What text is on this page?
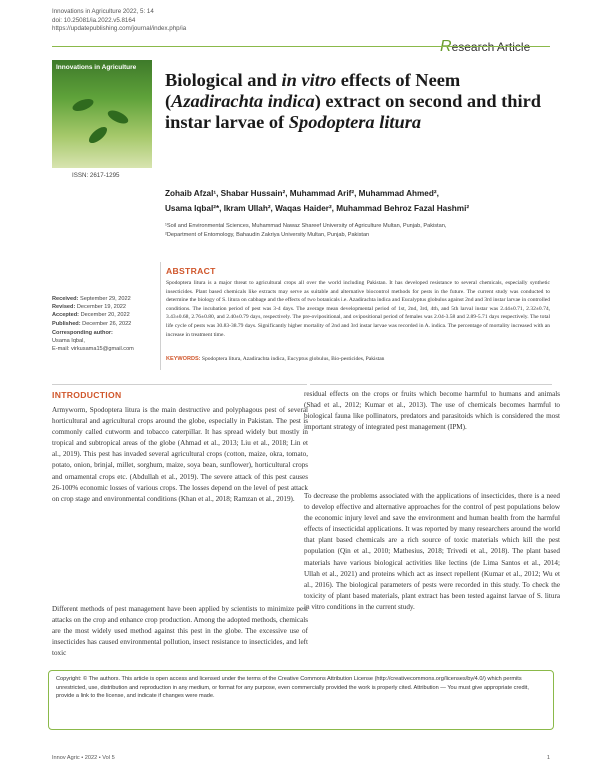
Innovations in Agriculture 2022, 5: 14
doi: 10.25081/ia.2022.v5.8164
https://updatepublishing.com/journal/index.php/ia
Research Article
Innovations in Agriculture
ISSN: 2617-1295
Biological and in vitro effects of Neem (Azadirachta indica) extract on second and third instar larvae of Spodoptera litura
Zohaib Afzal¹, Shabar Hussain², Muhammad Arif², Muhammad Ahmed²,
Usama Iqbal²*, Ikram Ullah², Waqas Haider², Muhammad Behroz Fazal Hashmi²
¹Soil and Environmental Sciences, Muhammad Nawaz Shareef University of Agriculture Multan, Punjab, Pakistan,
²Department of Entomology, Bahaudin Zakriya University Multan, Punjab, Pakistan
Received: September 29, 2022
Revised: December 19, 2022
Accepted: December 20, 2022
Published: December 26, 2022
Corresponding author:
Usama Iqbal,
E-mail: virkusama15@gmail.com
ABSTRACT
Spodoptera litura is a major threat to agricultural crops all over the world including Pakistan. It has developed resistance to several chemicals, especially synthetic insecticides. Plant based chemicals like extracts may serve as suitable and alternative biocontrol methods for pests in the future. The current study was conducted to determine the biology of S. litura on cabbage and the effects of two botanicals i.e. Azadirachta indica and Eucalyptus globulus against 2nd and 3rd instar larvae in controlled conditions. The incubation period of pest was 3-4 days. The average mean developmental period of 1st, 2nd, 3rd, 4th, and 5th larval instar was 2.44±0.71, 2.32±0.74, 3.43±0.68, 2.76±0.80, and 2.40±0.79 days, respectively. The pre-ovipositional, and ovipositional period of females was 2.04-3.58 and 2.89-5.71 days respectively. The total life cycle of pests was 30.83-38.79 days. Significantly higher mortality of 2nd and 3rd instar larvae was recorded in A. indica. The percentage of mortality increased with an increase in treatment time.
KEYWORDS: Spodoptera litura, Azadirachta indica, Eucyptus globulus, Bio-pesticides, Pakistan
INTRODUCTION
Armyworm, Spodoptera litura is the main destructive and polyphagous pest of several horticultural and agricultural crops around the globe, especially in Pakistan. The pest is commonly called cutworm and tobacco caterpillar. It has spread widely but mostly in tropical and subtropical areas of the globe (Ahmad et al., 2013; Liu et al., 2018; Lin et al., 2019). This pest has invaded several agricultural crops (cotton, maize, okra, tomato, potato, onion, brinjal, millet, sorghum, maize, soya bean, sunflower), horticultural crops and ornamental crops etc. (Abdullah et al., 2019). The severe attack of this pest causes 26-100% economic losses of various crops. The losses depend on the level of pest attack on crop stage and environmental conditions (Khan et al., 2018; Ramzan et al., 2019).
Different methods of pest management have been applied by scientists to minimize pest attacks on the crop and enhance crop production. Among the adopted methods, chemicals are the most widely used method against this pest in the globe. The excessive use of insecticides has caused environmental pollution, insect resistance to insecticides, and left toxic
residual effects on the crops or fruits which become harmful to humans and animals (Shad et al., 2012; Kumar et al., 2013). The use of chemicals becomes harmful to biological fauna like pollinators, predators and parasitoids which is considered the most important strategy of integrated pest management (IPM).
To decrease the problems associated with the applications of insecticides, there is a need to develop effective and alternative approaches for the control of pest populations below the economic injury level and save the environment and human health from the harmful effects of insecticidal applications. It was reported by many researchers around the world that plant based chemicals are a rich source of toxic materials which kill the pest population (Qin et al., 2010; Mathesius, 2018; Trivedi et al., 2018). The plant based materials have various biological activities like lectins (de Lima Santos et al., 2014; Ullah et al., 2021) and proteins which act as insect repellent (Kumar et al., 2012; Wu et al., 2016). The biological parameters of pests were recorded in this study. To check the toxicity of plant based materials, plant extract has been tested against larvae of S. litura in vitro conditions in the current study.
Copyright: © The authors. This article is open access and licensed under the terms of the Creative Commons Attribution License (http://creativecommons.org/licenses/by/4.0/) which permits unrestricted, use, distribution and reproduction in any medium, or format for any purpose, even commercially provided the work is properly cited. Attribution — You must give appropriate credit, provide a link to the license, and indicate if changes were made.
Innov Agric • 2022 • Vol 5	1
